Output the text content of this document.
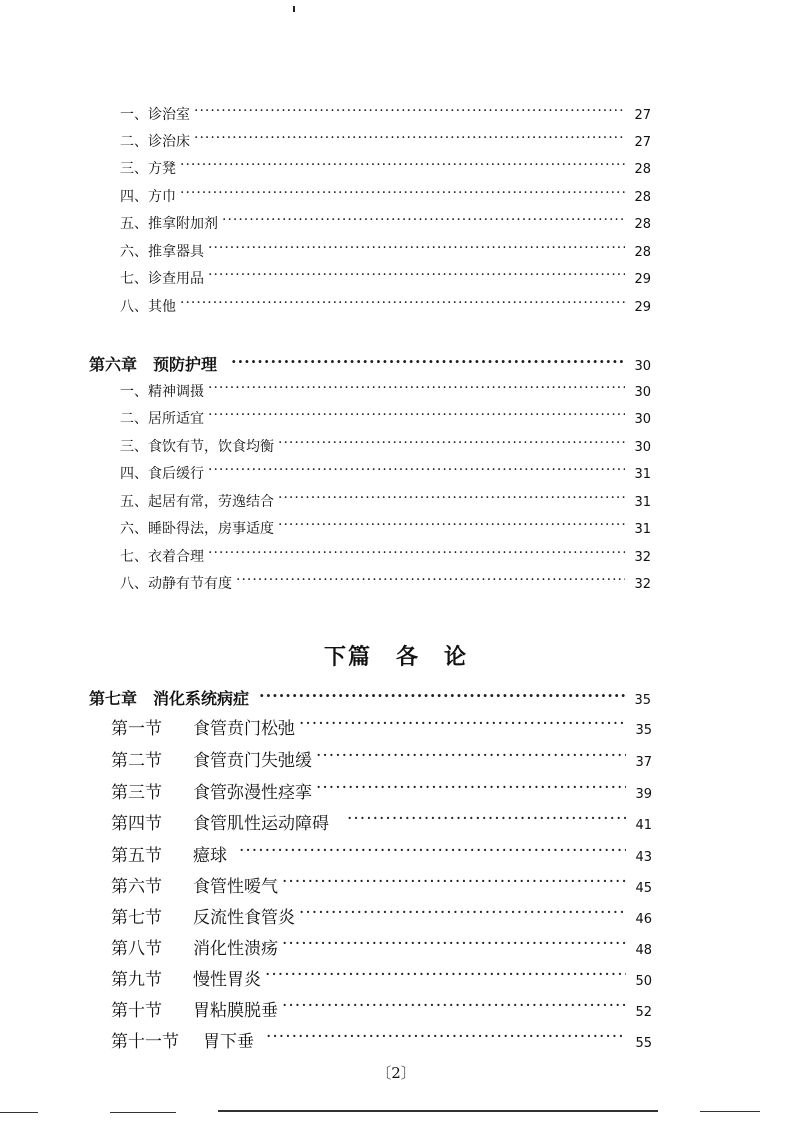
一、诊治室 ·····	27
二、诊治床 ·····	27
三、方凳 ·····	28
四、方巾 ·····	28
五、推拿附加剂 ·····	28
六、推拿器具 ·····	28
七、诊查用品 ·····	29
八、其他 ·····	29
第六章　预防护理 ·····	30
一、精神调摄 ·····	30
二、居所适宜 ·····	30
三、食饮有节，饮食均衡 ·····	30
四、食后缓行 ·····	31
五、起居有常，劳逸结合 ·····	31
六、睡卧得法，房事适度 ·····	31
七、衣着合理 ·····	32
八、动静有节有度 ·····	32
下篇　各　论
第七章　消化系统病症 ·····	35
第一节 食管贲门松弛 ·····	35
第二节 食管贲门失弛缓 ·····	37
第三节 食管弥漫性痉挛 ·····	39
第四节 食管肌性运动障碍 ·····	41
第五节 癔球 ·····	43
第六节 食管性嗳气 ·····	45
第七节 反流性食管炎 ·····	46
第八节 消化性溃疡 ·····	48
第九节 慢性胃炎 ·····	50
第十节 胃粘膜脱垂 ·····	52
第十一节 胃下垂 ·····	55
〔2〕
